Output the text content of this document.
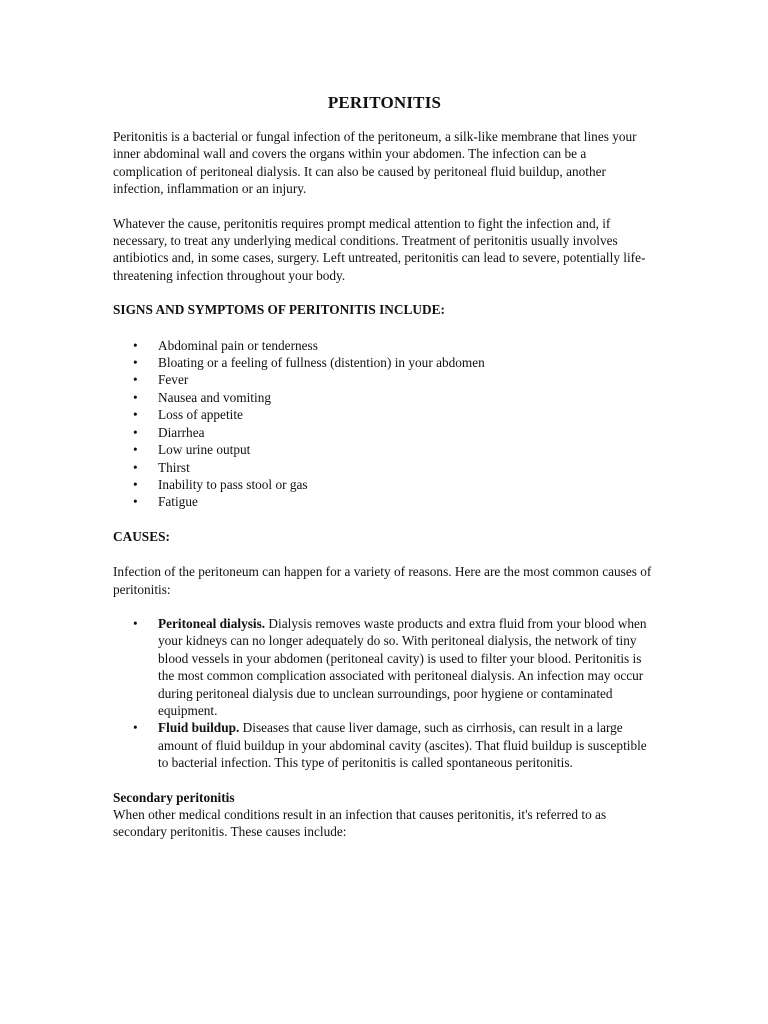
PERITONITIS

Peritonitis is a bacterial or fungal infection of the peritoneum, a silk-like membrane that lines your inner abdominal wall and covers the organs within your abdomen. The infection can be a complication of peritoneal dialysis. It can also be caused by peritoneal fluid buildup, another infection, inflammation or an injury.

Whatever the cause, peritonitis requires prompt medical attention to fight the infection and, if necessary, to treat any underlying medical conditions. Treatment of peritonitis usually involves antibiotics and, in some cases, surgery. Left untreated, peritonitis can lead to severe, potentially life-threatening infection throughout your body.

SIGNS AND SYMPTOMS OF PERITONITIS INCLUDE:

• Abdominal pain or tenderness
• Bloating or a feeling of fullness (distention) in your abdomen
• Fever
• Nausea and vomiting
• Loss of appetite
• Diarrhea
• Low urine output
• Thirst
• Inability to pass stool or gas
• Fatigue

CAUSES:

Infection of the peritoneum can happen for a variety of reasons. Here are the most common causes of peritonitis:

• Peritoneal dialysis. Dialysis removes waste products and extra fluid from your blood when your kidneys can no longer adequately do so. With peritoneal dialysis, the network of tiny blood vessels in your abdomen (peritoneal cavity) is used to filter your blood. Peritonitis is the most common complication associated with peritoneal dialysis. An infection may occur during peritoneal dialysis due to unclean surroundings, poor hygiene or contaminated equipment.
• Fluid buildup. Diseases that cause liver damage, such as cirrhosis, can result in a large amount of fluid buildup in your abdominal cavity (ascites). That fluid buildup is susceptible to bacterial infection. This type of peritonitis is called spontaneous peritonitis.

Secondary peritonitis

When other medical conditions result in an infection that causes peritonitis, it's referred to as secondary peritonitis. These causes include:
